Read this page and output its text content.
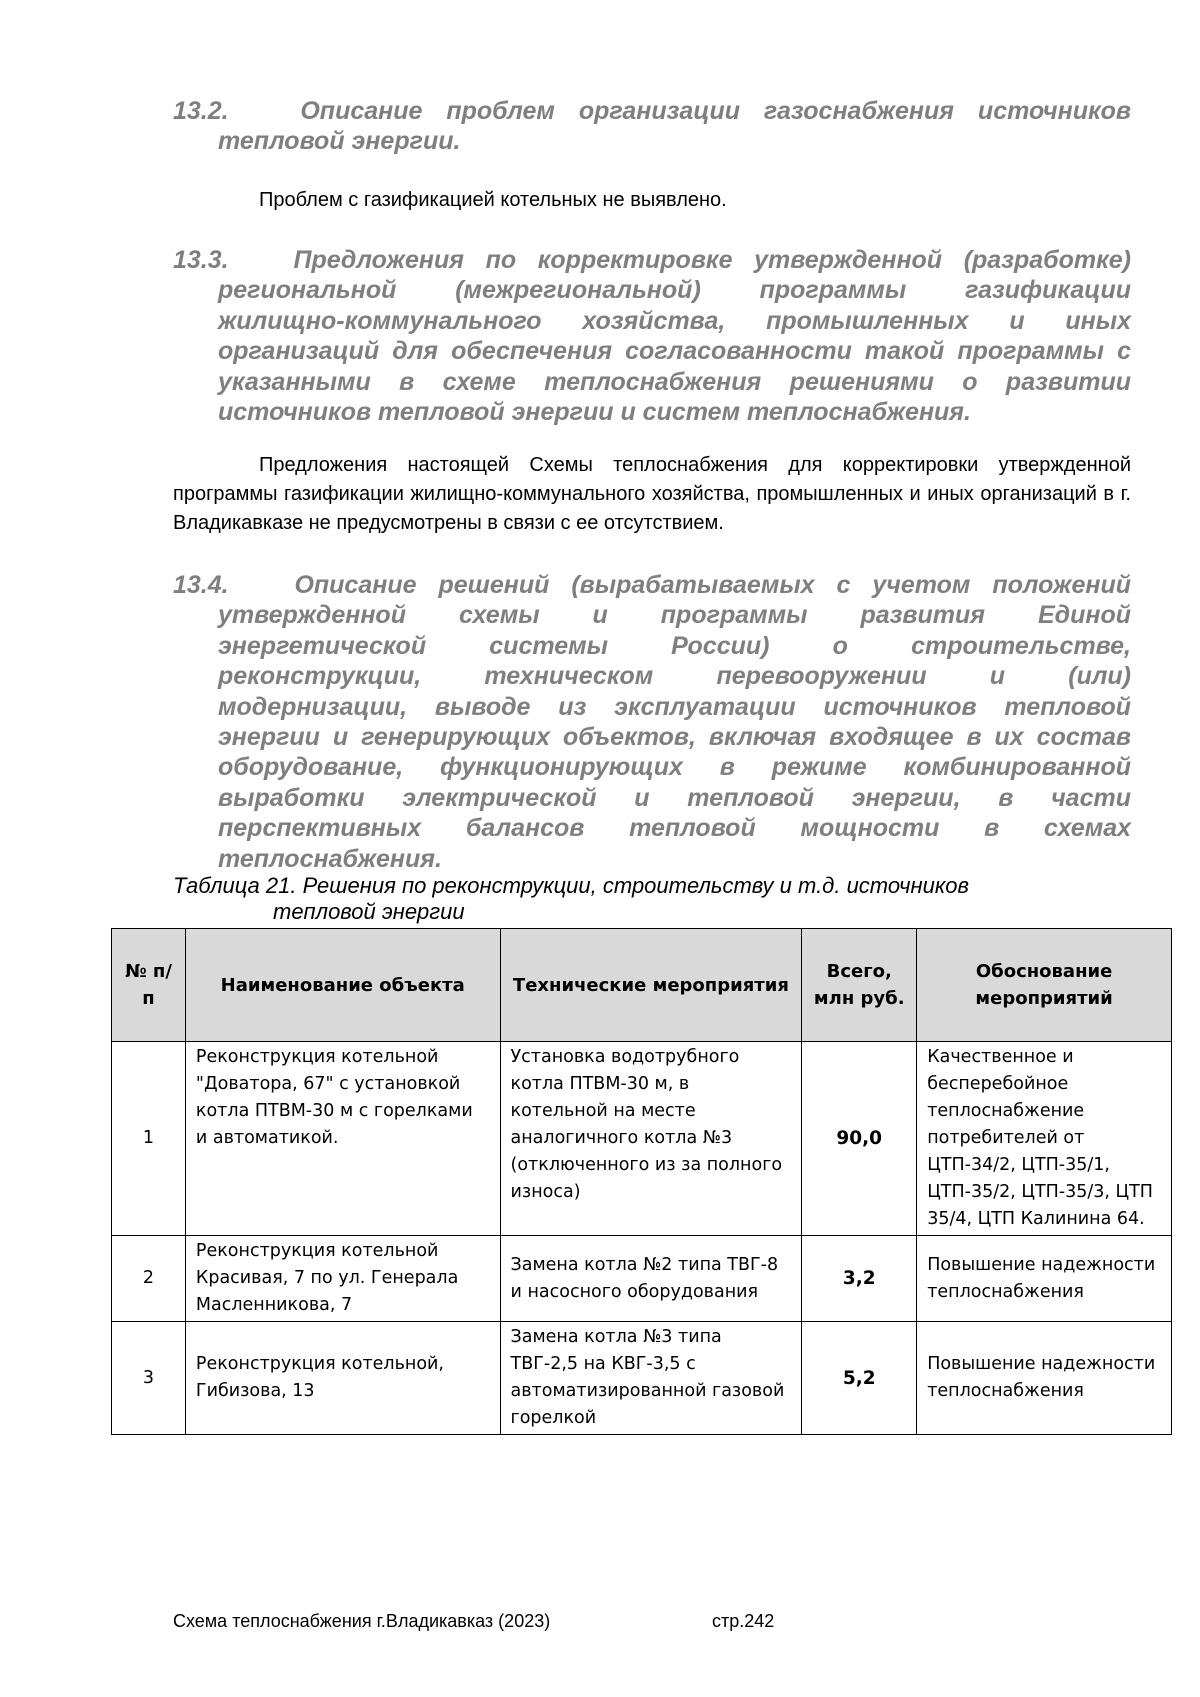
13.2.	Описание проблем организации газоснабжения источников
тепловой энергии.
Проблем с газификацией котельных не выявлено.
13.3.	Предложения по корректировке утвержденной (разработке)
региональной (межрегиональной) программы газификации
жилищно-коммунального хозяйства, промышленных и иных
организаций для обеспечения согласованности такой программы с
указанными в схеме теплоснабжения решениями о развитии
источников тепловой энергии и систем теплоснабжения.
Предложения настоящей Схемы теплоснабжения для корректировки утвержденной программы газификации жилищно-коммунального хозяйства, промышленных и иных организаций в г. Владикавказе не предусмотрены в связи с ее отсутствием.
13.4.	Описание решений (вырабатываемых с учетом положений
утвержденной схемы и программы развития Единой
энергетической системы России) о строительстве,
реконструкции, техническом перевооружении и (или)
модернизации, выводе из эксплуатации источников тепловой
энергии и генерирующих объектов, включая входящее в их состав
оборудование, функционирующих в режиме комбинированной
выработки электрической и тепловой энергии, в части
перспективных балансов тепловой мощности в схемах
теплоснабжения.
Таблица 21. Решения по реконструкции, строительству и т.д. источников
тепловой энергии
№ п/п	Наименование объекта	Технические мероприятия	Всего, млн руб.	Обоснование мероприятий
1	Реконструкция котельной "Доватора, 67" с установкой котла ПТВМ-30 м с горелками и автоматикой.	Установка водотрубного котла ПТВМ-30 м, в котельной на месте аналогичного котла №3 (отключенного из за полного износа)	90,0	Качественное и бесперебойное теплоснабжение потребителей от ЦТП-34/2, ЦТП-35/1, ЦТП-35/2, ЦТП-35/3, ЦТП 35/4, ЦТП Калинина 64.
2	Реконструкция котельной Красивая, 7 по ул. Генерала Масленникова, 7	Замена котла №2 типа ТВГ-8 и насосного оборудования	3,2	Повышение надежности теплоснабжения
3	Реконструкция котельной, Гибизова, 13	Замена котла №3 типа ТВГ-2,5 на КВГ-3,5 с автоматизированной газовой горелкой	5,2	Повышение надежности теплоснабжения
Схема теплоснабжения г.Владикавказ (2023)	стр.242
